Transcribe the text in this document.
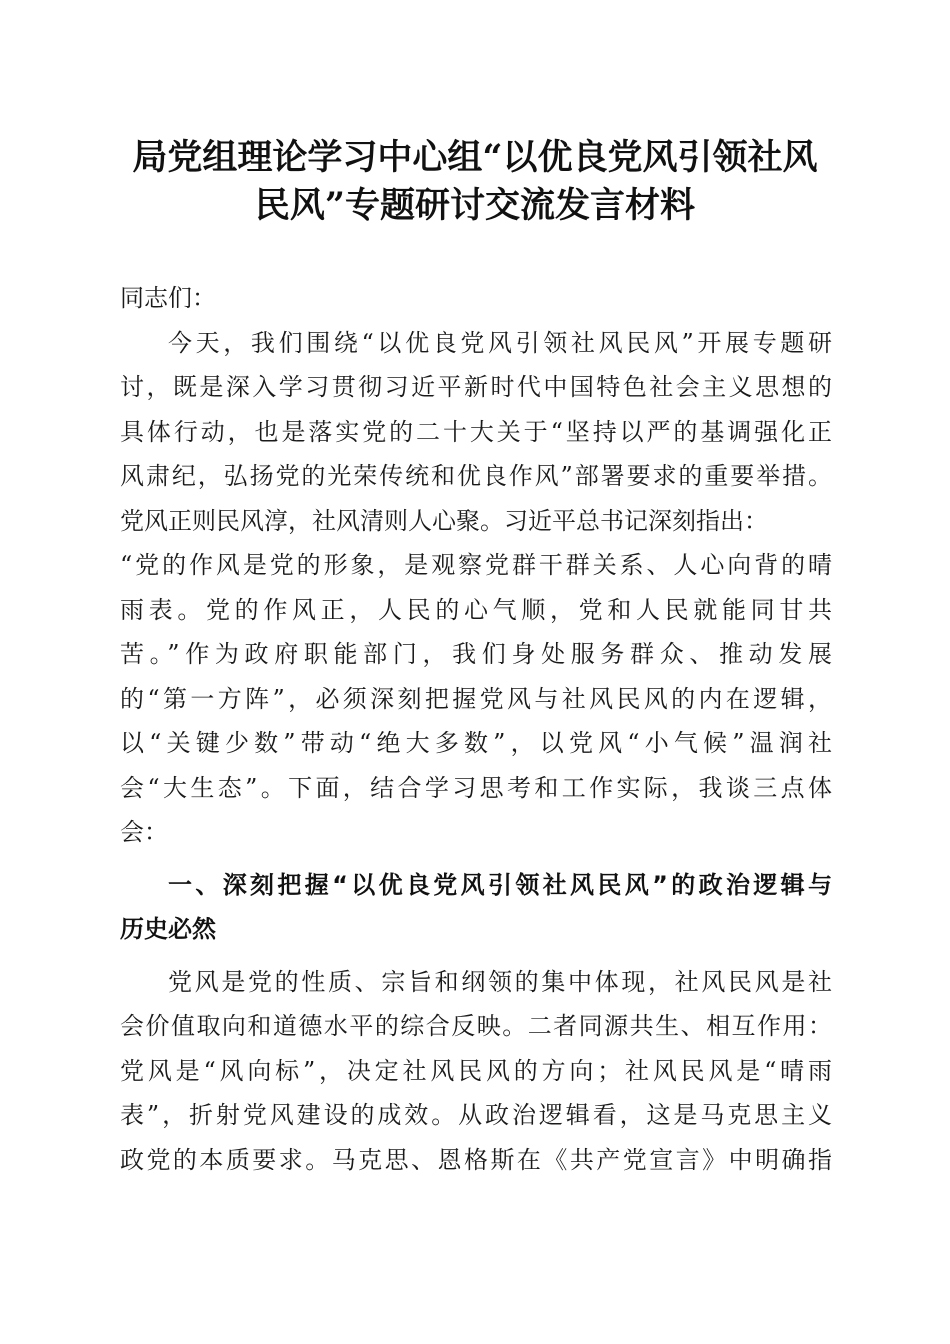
局党组理论学习中心组“以优良党风引领社风
民风”专题研讨交流发言材料
同志们：
今天，我们围绕“以优良党风引领社风民风”开展专题研
讨，既是深入学习贯彻习近平新时代中国特色社会主义思想的
具体行动，也是落实党的二十大关于“坚持以严的基调强化正
风肃纪，弘扬党的光荣传统和优良作风”部署要求的重要举措。
党风正则民风淳，社风清则人心聚。习近平总书记深刻指出：
“党的作风是党的形象，是观察党群干群关系、人心向背的晴
雨表。党的作风正，人民的心气顺，党和人民就能同甘共
苦。”作为政府职能部门，我们身处服务群众、推动发展
的“第一方阵”，必须深刻把握党风与社风民风的内在逻辑，
以“关键少数”带动“绝大多数”，以党风“小气候”温润社
会“大生态”。下面，结合学习思考和工作实际，我谈三点体
会：
一、深刻把握“以优良党风引领社风民风”的政治逻辑与
历史必然
党风是党的性质、宗旨和纲领的集中体现，社风民风是社
会价值取向和道德水平的综合反映。二者同源共生、相互作用：
党风是“风向标”，决定社风民风的方向；社风民风是“晴雨
表”，折射党风建设的成效。从政治逻辑看，这是马克思主义
政党的本质要求。马克思、恩格斯在《共产党宣言》中明确指
